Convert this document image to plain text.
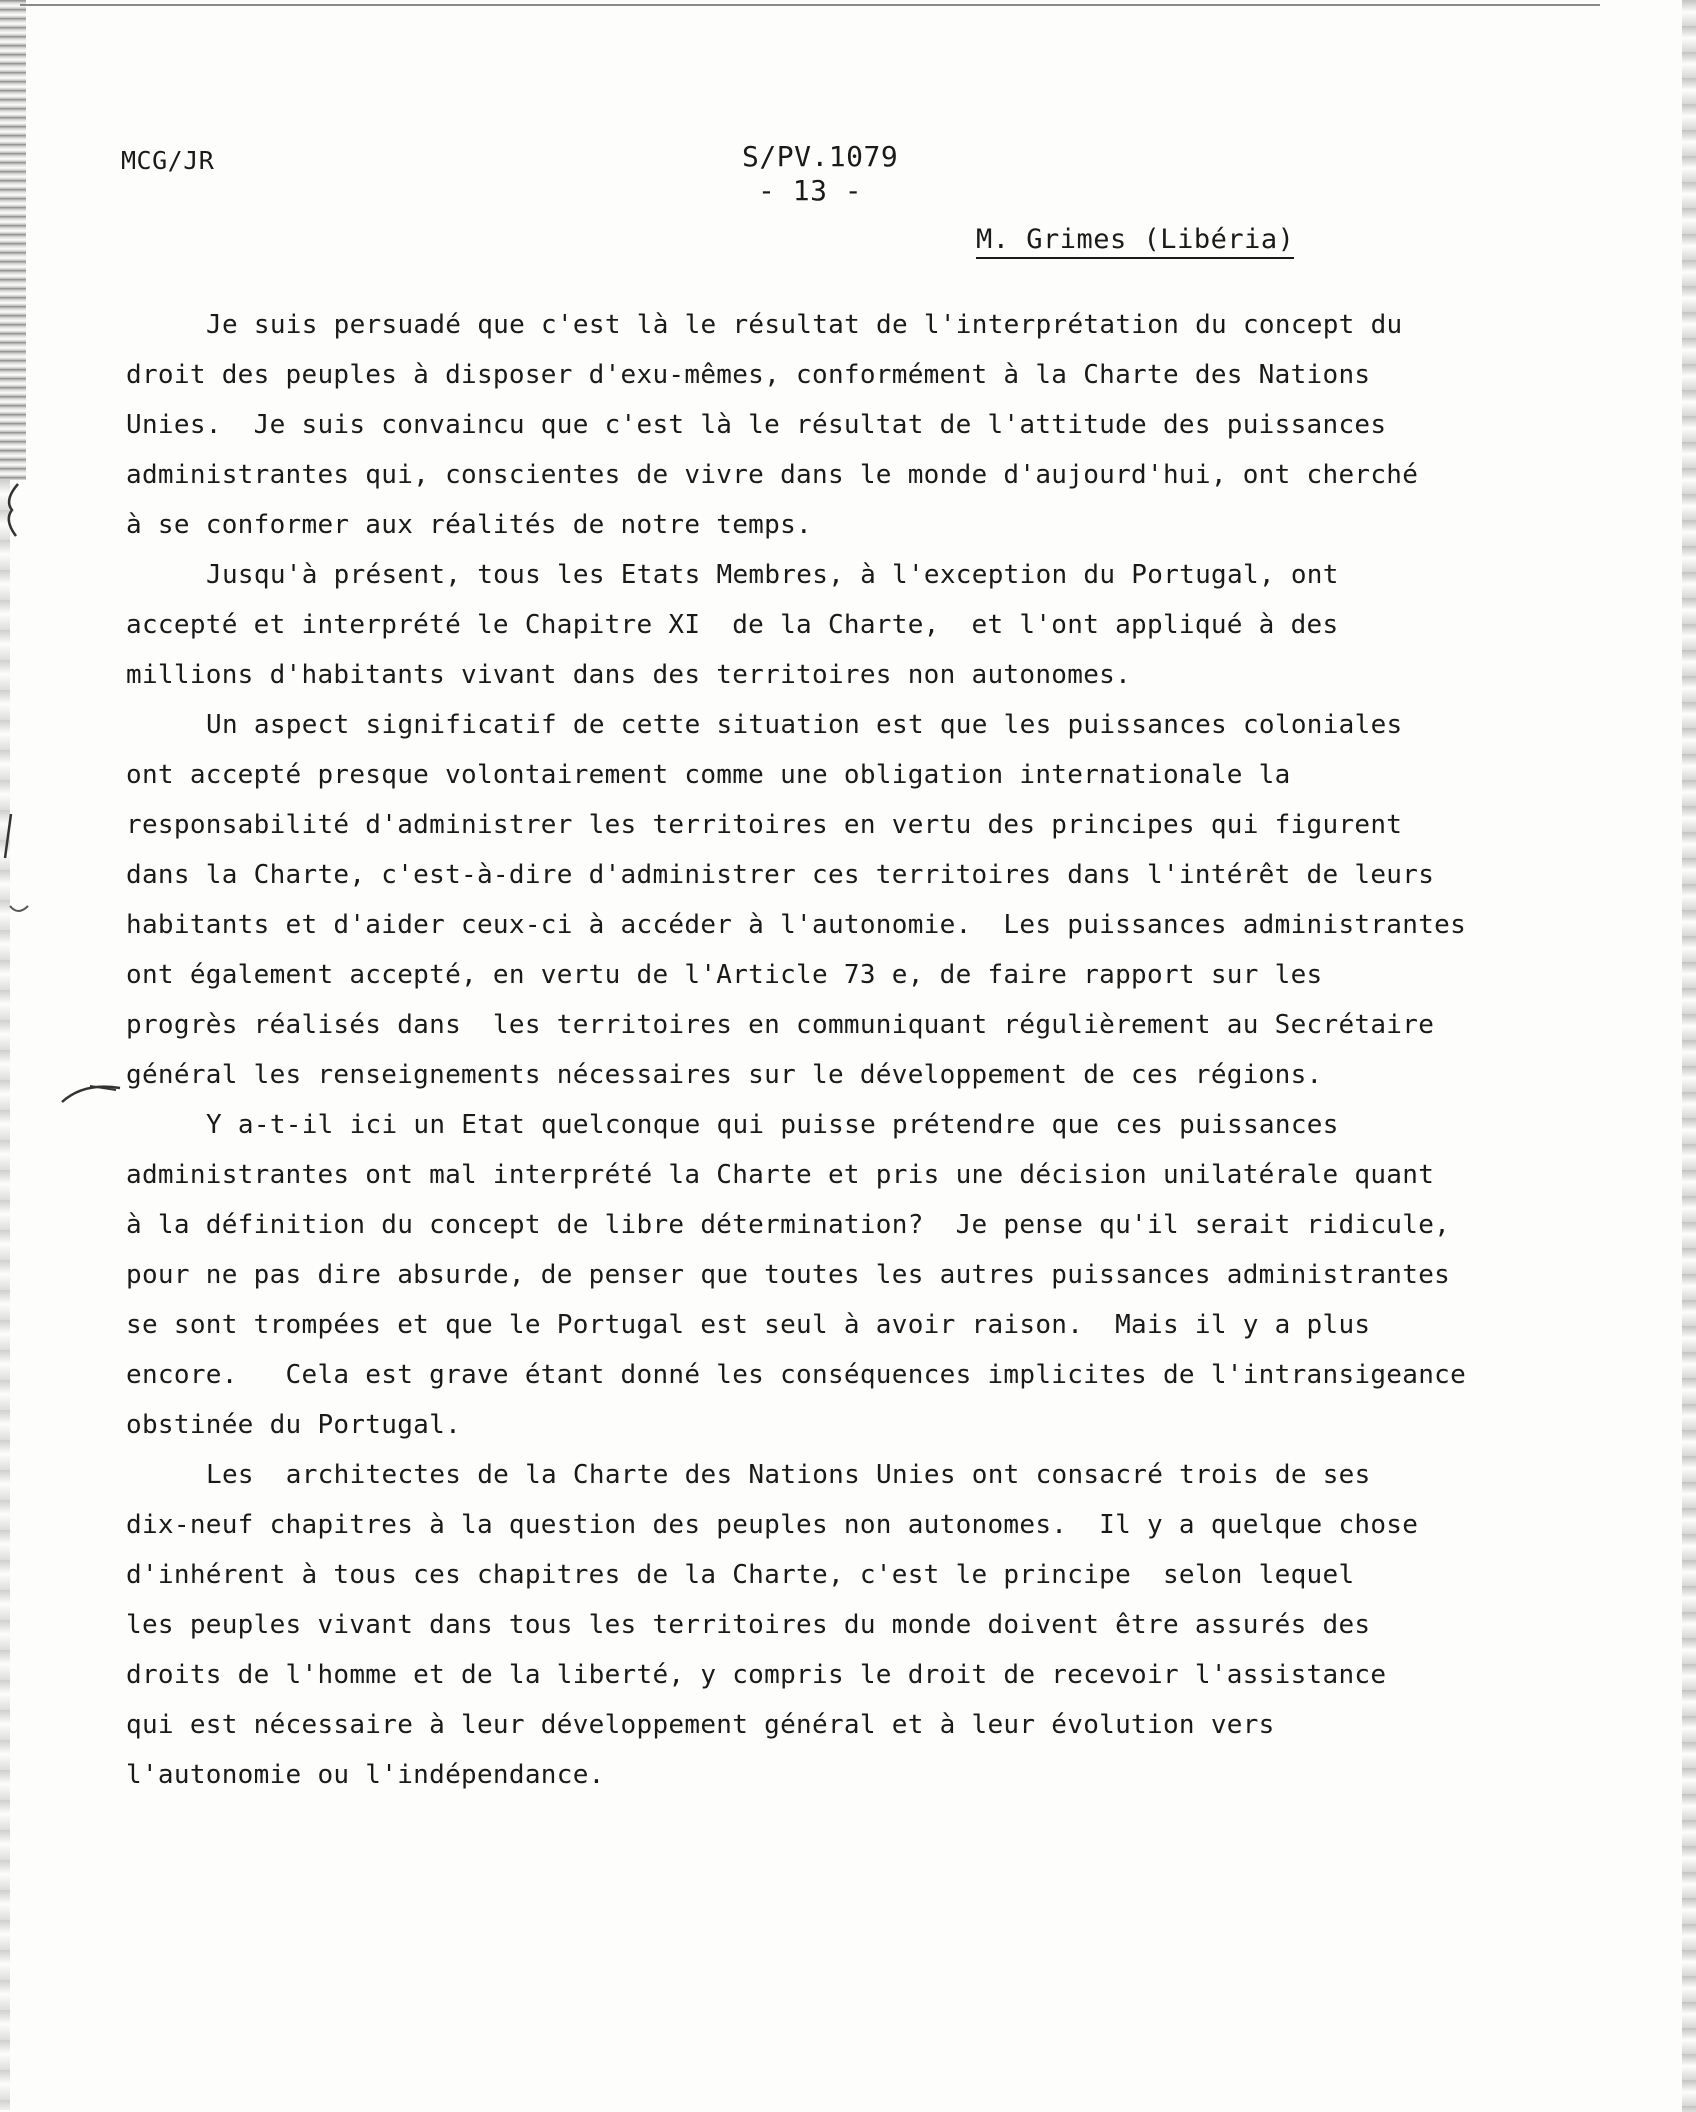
MCG/JR	S/PV.1079
- 13 -
M. Grimes (Libéria)
Je suis persuadé que c'est là le résultat de l'interprétation du concept du
droit des peuples à disposer d'exu-mêmes, conformément à la Charte des Nations
Unies.  Je suis convaincu que c'est là le résultat de l'attitude des puissances
administrantes qui, conscientes de vivre dans le monde d'aujourd'hui, ont cherché
à se conformer aux réalités de notre temps.
Jusqu'à présent, tous les Etats Membres, à l'exception du Portugal, ont
accepté et interprété le Chapitre XI  de la Charte,  et l'ont appliqué à des
millions d'habitants vivant dans des territoires non autonomes.
Un aspect significatif de cette situation est que les puissances coloniales
ont accepté presque volontairement comme une obligation internationale la
responsabilité d'administrer les territoires en vertu des principes qui figurent
dans la Charte, c'est-à-dire d'administrer ces territoires dans l'intérêt de leurs
habitants et d'aider ceux-ci à accéder à l'autonomie.  Les puissances administrantes
ont également accepté, en vertu de l'Article 73 e, de faire rapport sur les
progrès réalisés dans  les territoires en communiquant régulièrement au Secrétaire
général les renseignements nécessaires sur le développement de ces régions.
Y a-t-il ici un Etat quelconque qui puisse prétendre que ces puissances
administrantes ont mal interprété la Charte et pris une décision unilatérale quant
à la définition du concept de libre détermination?  Je pense qu'il serait ridicule,
pour ne pas dire absurde, de penser que toutes les autres puissances administrantes
se sont trompées et que le Portugal est seul à avoir raison.  Mais il y a plus
encore.   Cela est grave étant donné les conséquences implicites de l'intransigeance
obstinée du Portugal.
Les  architectes de la Charte des Nations Unies ont consacré trois de ses
dix-neuf chapitres à la question des peuples non autonomes.  Il y a quelque chose
d'inhérent à tous ces chapitres de la Charte, c'est le principe  selon lequel
les peuples vivant dans tous les territoires du monde doivent être assurés des
droits de l'homme et de la liberté, y compris le droit de recevoir l'assistance
qui est nécessaire à leur développement général et à leur évolution vers
l'autonomie ou l'indépendance.
